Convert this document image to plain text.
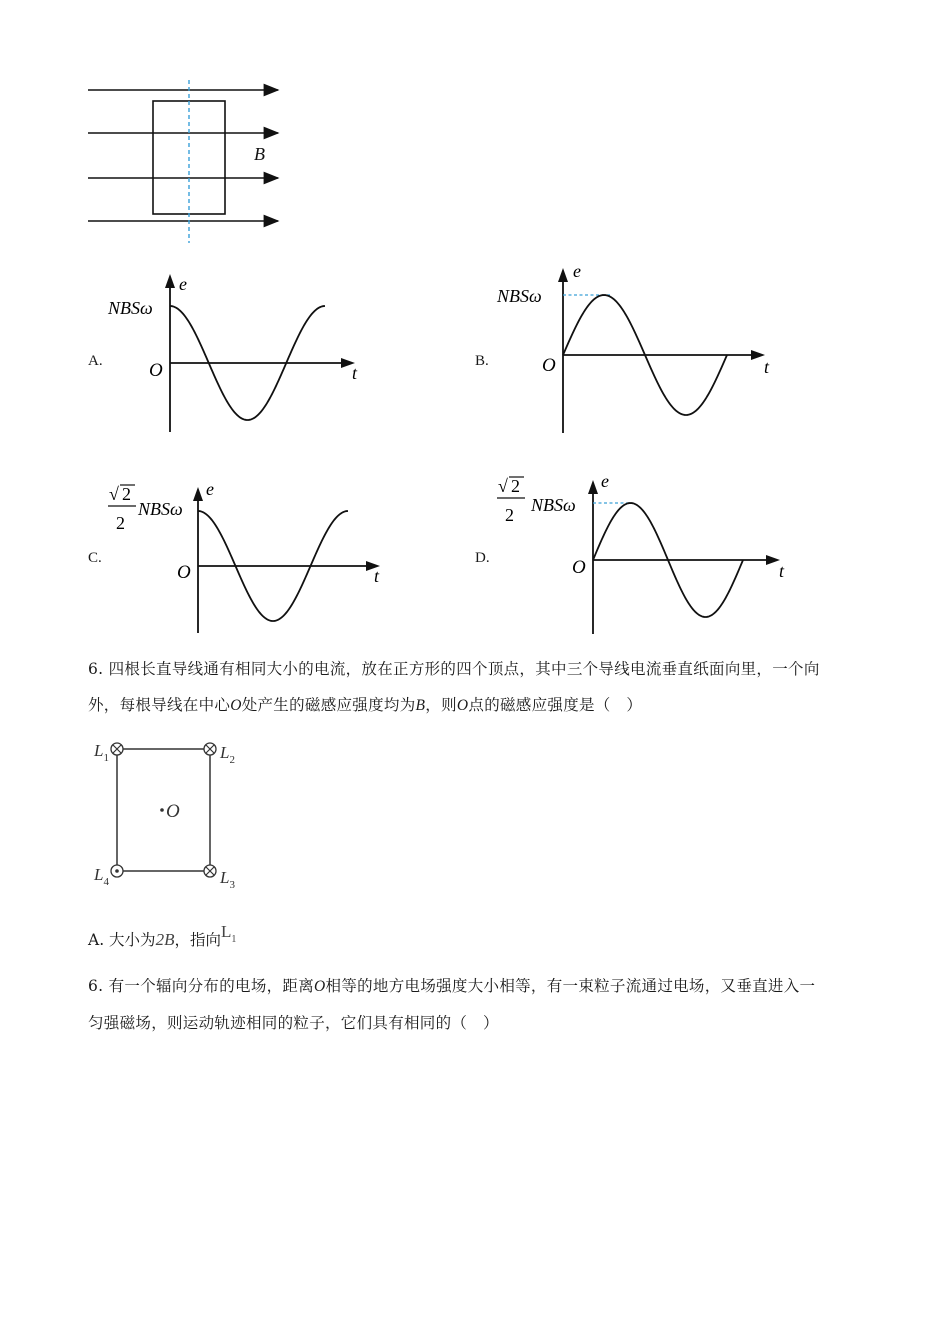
B
A.
e
t
O
NBSω
B.
e
t
O
NBSω
C.
e
t
O
√ 2
2
NBSω
D.
e
t
O
√ 2
2 NBSω
6. 四根长直导线通有相同大小的电流，放在正方形的四个顶点，其中三个导线电流垂直纸面向里，一个向
外，每根导线在中心O处产生的磁感应强度均为B，则O点的磁感应强度是（　）
$L_1$	$L_2$
$L_3$
$L_4$
O
A. 大小为2B，指向L1
6. 有一个辐向分布的电场，距离O相等的地方电场强度大小相等，有一束粒子流通过电场，又垂直进入一
匀强磁场，则运动轨迹相同的粒子，它们具有相同的（　）
